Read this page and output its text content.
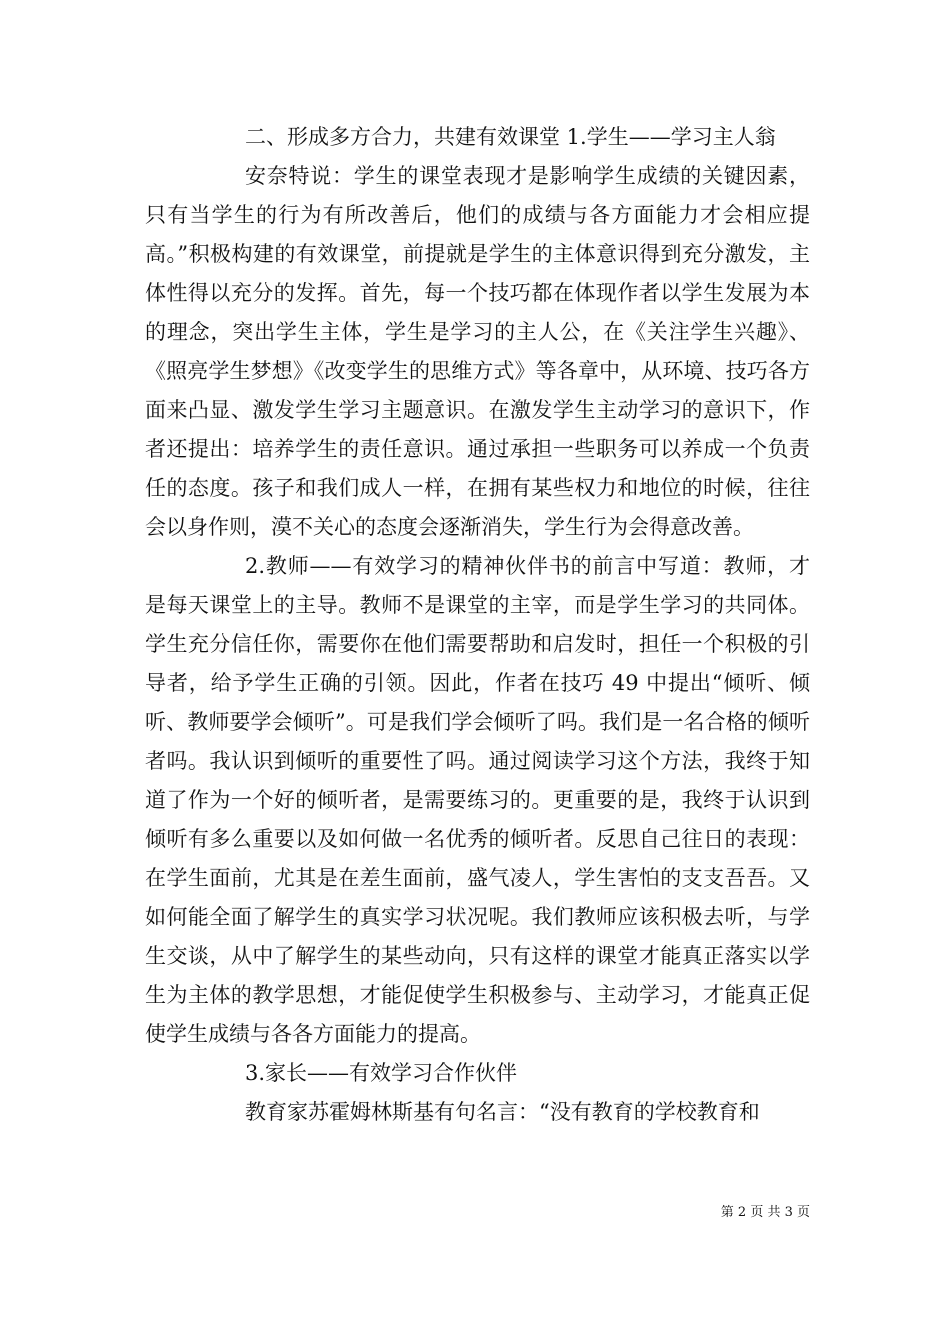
二、形成多方合力，共建有效课堂 1.学生——学习主人翁

安奈特说：学生的课堂表现才是影响学生成绩的关键因素，只有当学生的行为有所改善后，他们的成绩与各方面能力才会相应提高。”积极构建的有效课堂，前提就是学生的主体意识得到充分激发，主体性得以充分的发挥。首先，每一个技巧都在体现作者以学生发展为本的理念，突出学生主体，学生是学习的主人公，在《关注学生兴趣》、《照亮学生梦想》《改变学生的思维方式》等各章中，从环境、技巧各方面来凸显、激发学生学习主题意识。在激发学生主动学习的意识下，作者还提出：培养学生的责任意识。通过承担一些职务可以养成一个负责任的态度。孩子和我们成人一样，在拥有某些权力和地位的时候，往往会以身作则，漠不关心的态度会逐渐消失，学生行为会得意改善。

2.教师——有效学习的精神伙伴书的前言中写道：教师，才是每天课堂上的主导。教师不是课堂的主宰，而是学生学习的共同体。学生充分信任你，需要你在他们需要帮助和启发时，担任一个积极的引导者，给予学生正确的引领。因此，作者在技巧 49 中提出“倾听、倾听、教师要学会倾听”。可是我们学会倾听了吗。我们是一名合格的倾听者吗。我认识到倾听的重要性了吗。通过阅读学习这个方法，我终于知道了作为一个好的倾听者，是需要练习的。更重要的是，我终于认识到倾听有多么重要以及如何做一名优秀的倾听者。反思自己往日的表现：在学生面前，尤其是在差生面前，盛气凌人，学生害怕的支支吾吾。又如何能全面了解学生的真实学习状况呢。我们教师应该积极去听，与学生交谈，从中了解学生的某些动向，只有这样的课堂才能真正落实以学生为主体的教学思想，才能促使学生积极参与、主动学习，才能真正促使学生成绩与各各方面能力的提高。

3.家长——有效学习合作伙伴

教育家苏霍姆林斯基有句名言：“没有教育的学校教育和

第 2 页 共 3 页
